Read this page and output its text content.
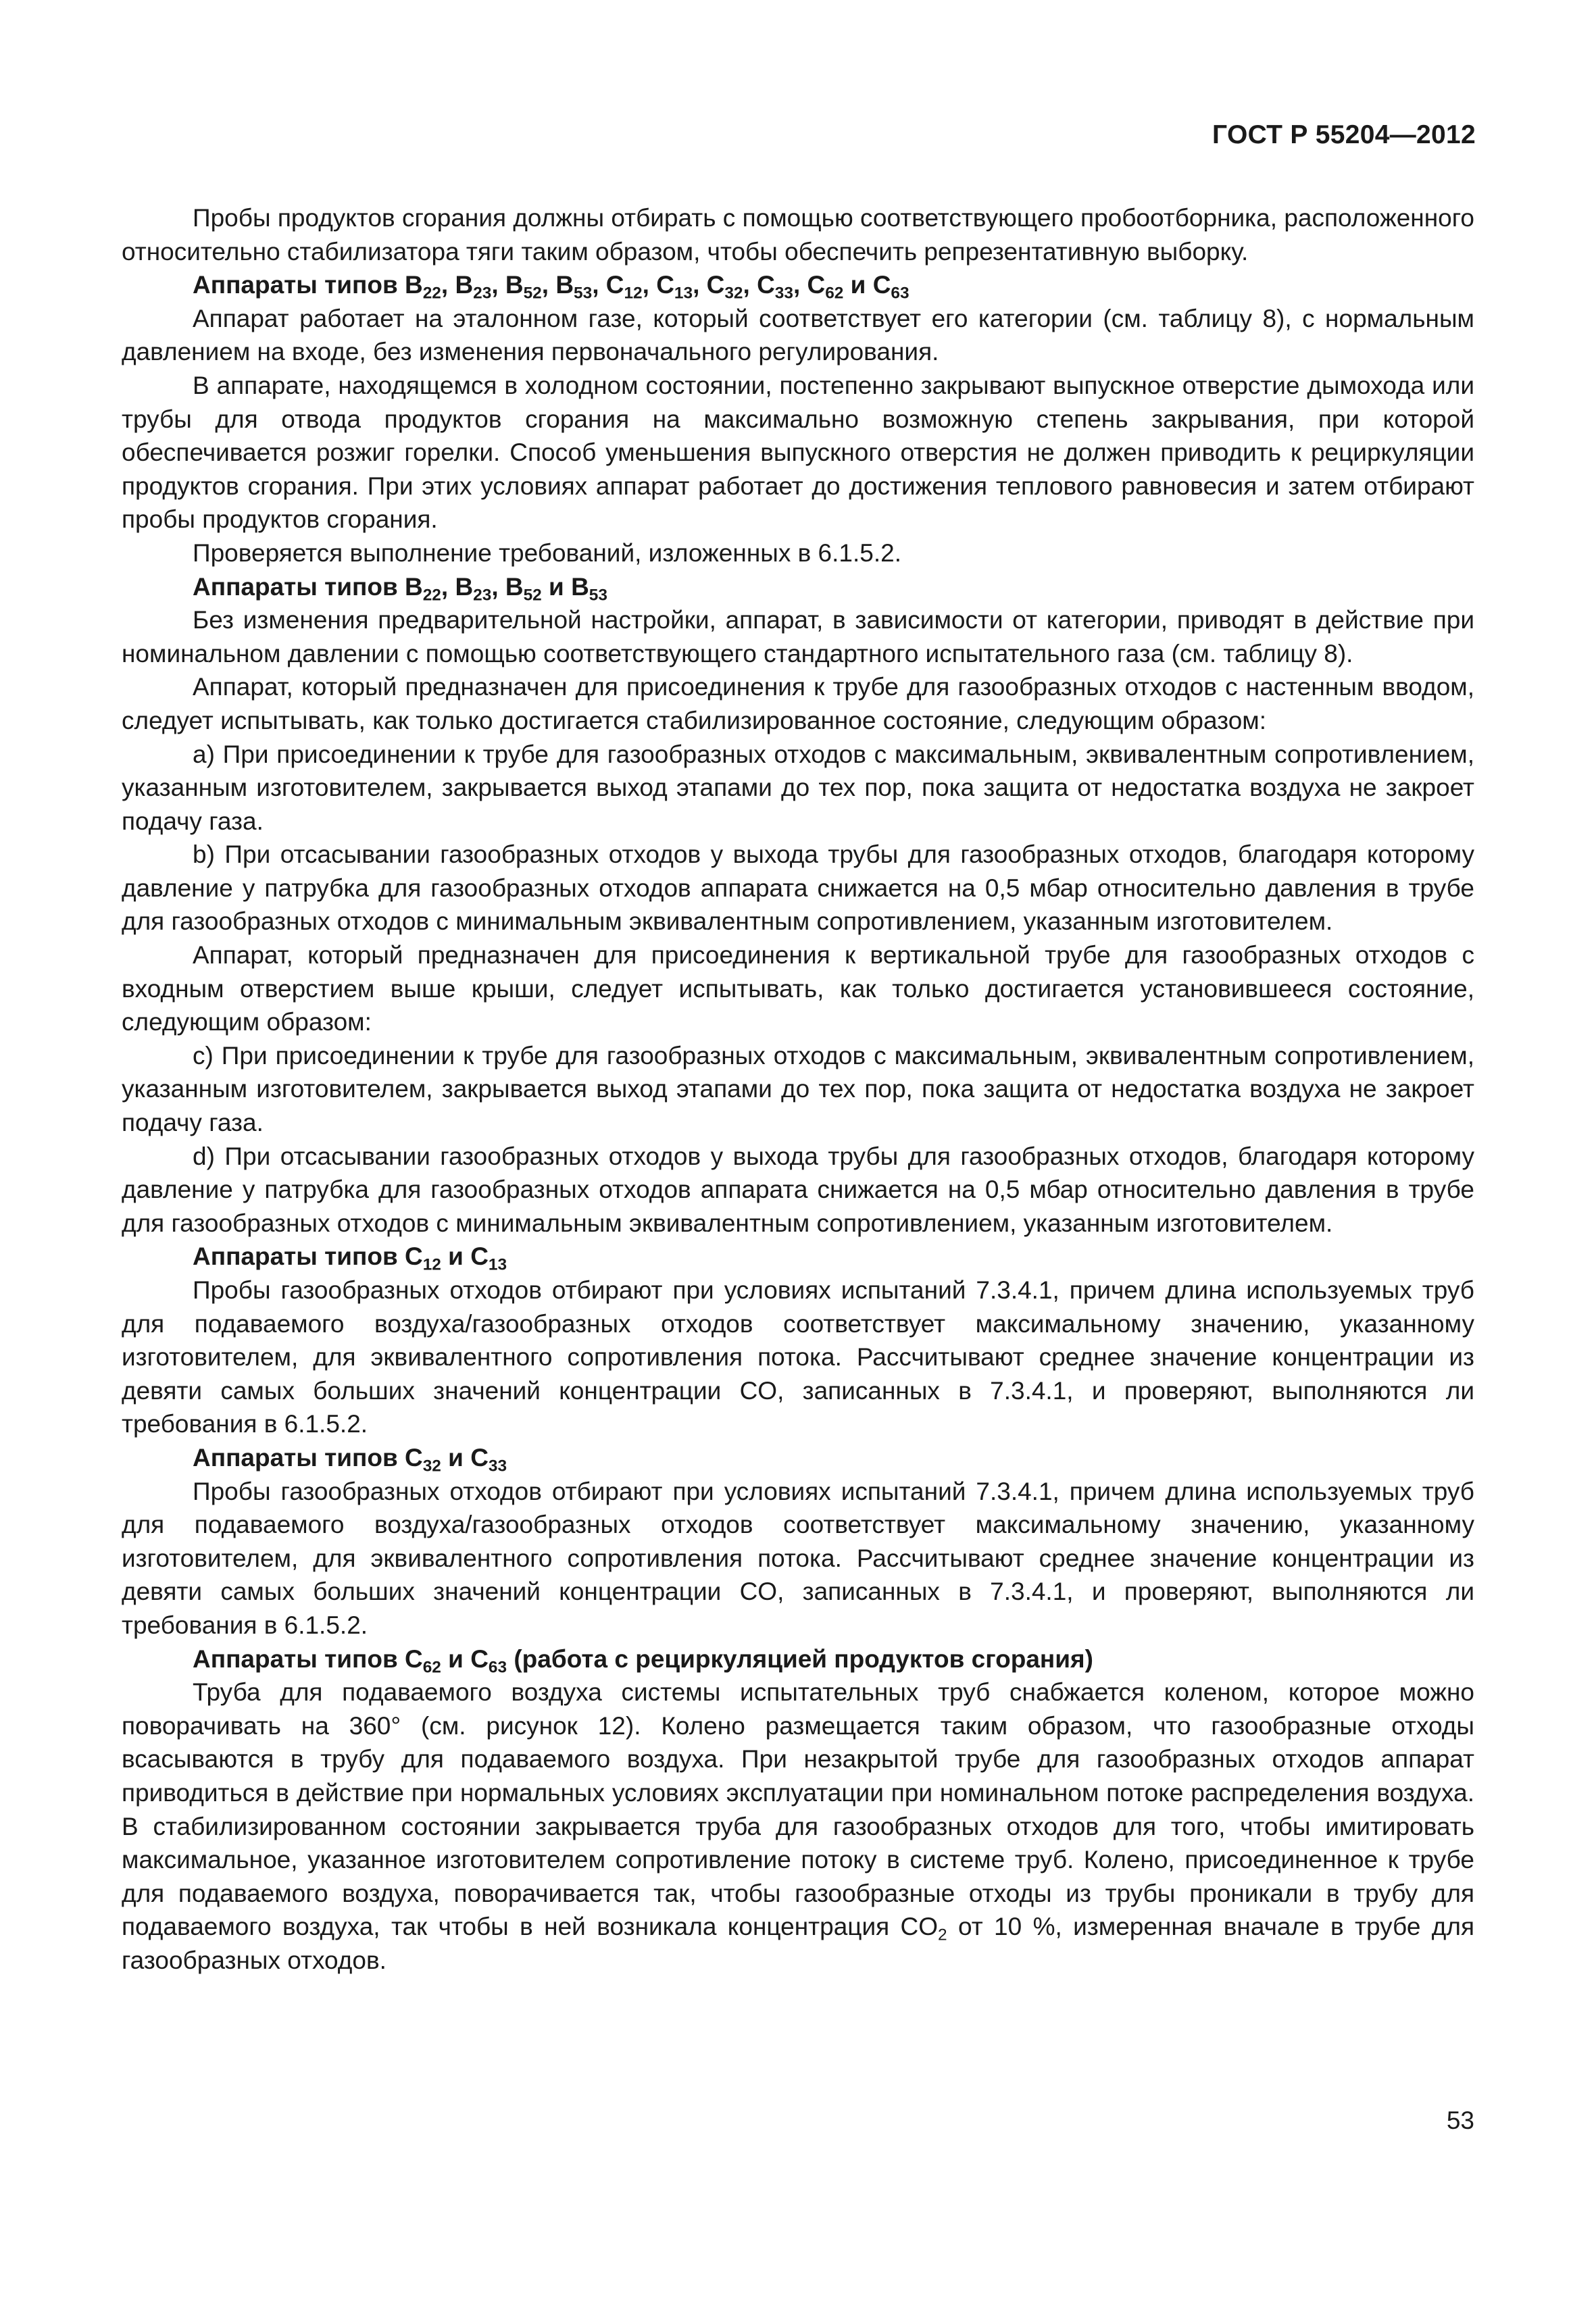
ГОСТ Р 55204—2012

Пробы продуктов сгорания должны отбирать с помощью соответствующего пробоотборника, расположенного относительно стабилизатора тяги таким образом, чтобы обеспечить репрезентативную выборку.

Аппараты типов $B_{22}$, $B_{23}$, $B_{52}$, $B_{53}$, $C_{12}$, $C_{13}$, $C_{32}$, $C_{33}$, $C_{62}$ и $C_{63}$

Аппарат работает на эталонном газе, который соответствует его категории (см. таблицу 8), с нормальным давлением на входе, без изменения первоначального регулирования.

В аппарате, находящемся в холодном состоянии, постепенно закрывают выпускное отверстие дымохода или трубы для отвода продуктов сгорания на максимально возможную степень закрывания, при которой обеспечивается розжиг горелки. Способ уменьшения выпускного отверстия не должен приводить к рециркуляции продуктов сгорания. При этих условиях аппарат работает до достижения теплового равновесия и затем отбирают пробы продуктов сгорания.

Проверяется выполнение требований, изложенных в 6.1.5.2.

Аппараты типов $B_{22}$, $B_{23}$, $B_{52}$ и $B_{53}$

Без изменения предварительной настройки, аппарат, в зависимости от категории, приводят в действие при номинальном давлении с помощью соответствующего стандартного испытательного газа (см. таблицу 8).

Аппарат, который предназначен для присоединения к трубе для газообразных отходов с настенным вводом, следует испытывать, как только достигается стабилизированное состояние, следующим образом:

a) При присоединении к трубе для газообразных отходов с максимальным, эквивалентным сопротивлением, указанным изготовителем, закрывается выход этапами до тех пор, пока защита от недостатка воздуха не закроет подачу газа.

b) При отсасывании газообразных отходов у выхода трубы для газообразных отходов, благодаря которому давление у патрубка для газообразных отходов аппарата снижается на 0,5 мбар относительно давления в трубе для газообразных отходов с минимальным эквивалентным сопротивлением, указанным изготовителем.

Аппарат, который предназначен для присоединения к вертикальной трубе для газообразных отходов с входным отверстием выше крыши, следует испытывать, как только достигается установившееся состояние, следующим образом:

c) При присоединении к трубе для газообразных отходов с максимальным, эквивалентным сопротивлением, указанным изготовителем, закрывается выход этапами до тех пор, пока защита от недостатка воздуха не закроет подачу газа.

d) При отсасывании газообразных отходов у выхода трубы для газообразных отходов, благодаря которому давление у патрубка для газообразных отходов аппарата снижается на 0,5 мбар относительно давления в трубе для газообразных отходов с минимальным эквивалентным сопротивлением, указанным изготовителем.

Аппараты типов $C_{12}$ и $C_{13}$

Пробы газообразных отходов отбирают при условиях испытаний 7.3.4.1, причем длина используемых труб для подаваемого воздуха/газообразных отходов соответствует максимальному значению, указанному изготовителем, для эквивалентного сопротивления потока. Рассчитывают среднее значение концентрации из девяти самых больших значений концентрации CO, записанных в 7.3.4.1, и проверяют, выполняются ли требования в 6.1.5.2.

Аппараты типов $C_{32}$ и $C_{33}$

Пробы газообразных отходов отбирают при условиях испытаний 7.3.4.1, причем длина используемых труб для подаваемого воздуха/газообразных отходов соответствует максимальному значению, указанному изготовителем, для эквивалентного сопротивления потока. Рассчитывают среднее значение концентрации из девяти самых больших значений концентрации CO, записанных в 7.3.4.1, и проверяют, выполняются ли требования в 6.1.5.2.

Аппараты типов $C_{62}$ и $C_{63}$ (работа с рециркуляцией продуктов сгорания)

Труба для подаваемого воздуха системы испытательных труб снабжается коленом, которое можно поворачивать на 360° (см. рисунок 12). Колено размещается таким образом, что газообразные отходы всасываются в трубу для подаваемого воздуха. При незакрытой трубе для газообразных отходов аппарат приводиться в действие при нормальных условиях эксплуатации при номинальном потоке распределения воздуха. В стабилизированном состоянии закрывается труба для газообразных отходов для того, чтобы имитировать максимальное, указанное изготовителем сопротивление потоку в системе труб. Колено, присоединенное к трубе для подаваемого воздуха, поворачивается так, чтобы газообразные отходы из трубы проникали в трубу для подаваемого воздуха, так чтобы в ней возникала концентрация $CO_2$ от 10 %, измеренная вначале в трубе для газообразных отходов.

53
